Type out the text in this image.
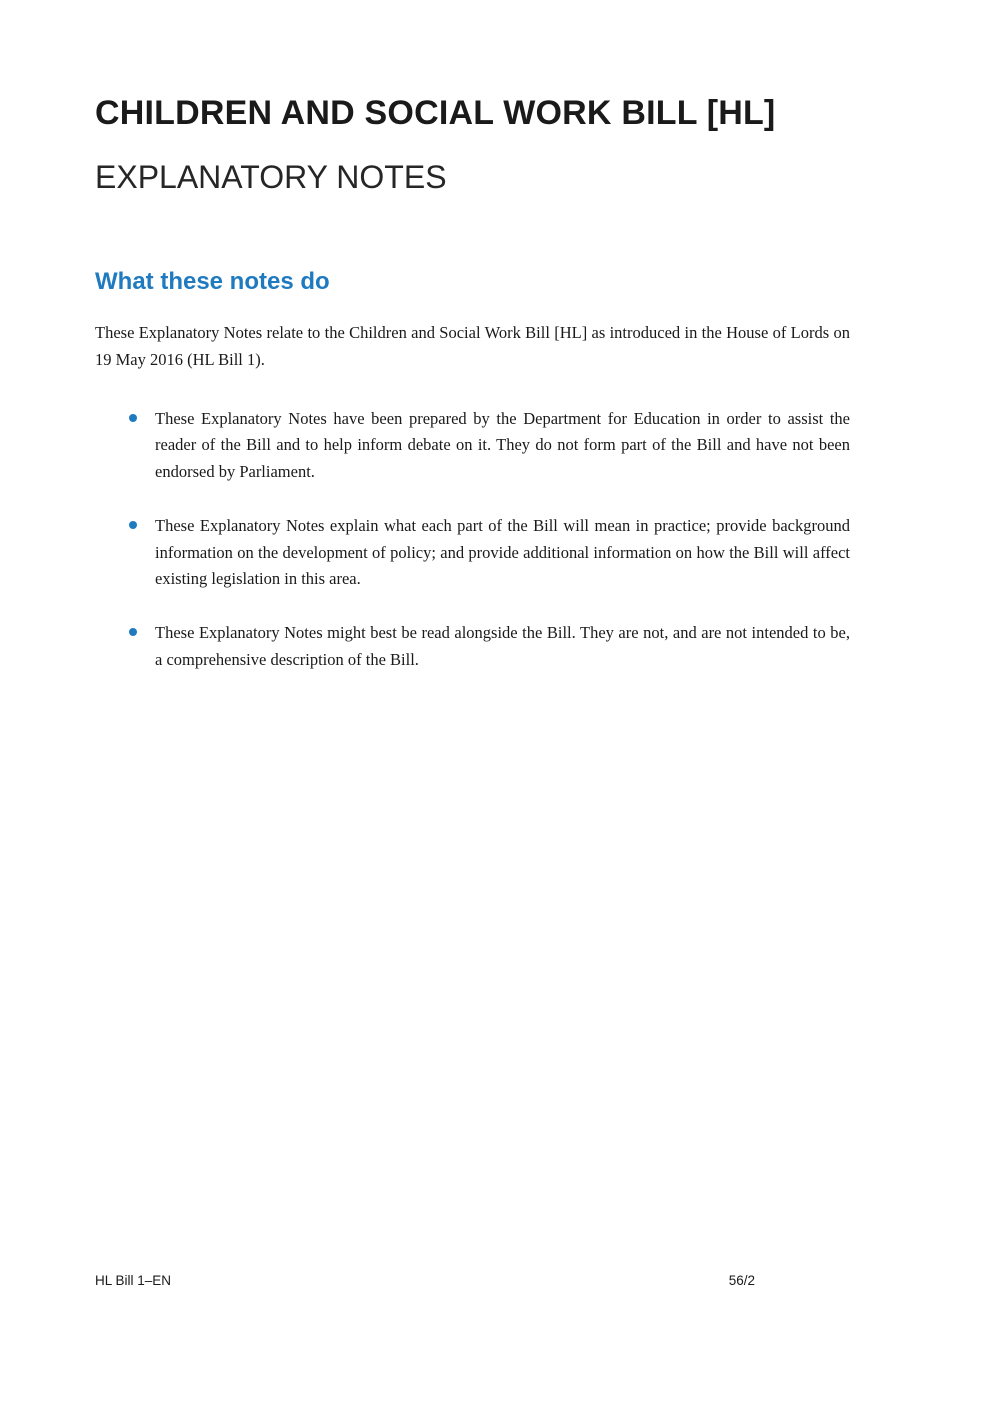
CHILDREN AND SOCIAL WORK BILL [HL]
EXPLANATORY NOTES
What these notes do

These Explanatory Notes relate to the Children and Social Work Bill [HL] as introduced in the House of Lords on 19 May 2016 (HL Bill 1).

These Explanatory Notes have been prepared by the Department for Education in order to assist the reader of the Bill and to help inform debate on it. They do not form part of the Bill and have not been endorsed by Parliament.
These Explanatory Notes explain what each part of the Bill will mean in practice; provide background information on the development of policy; and provide additional information on how the Bill will affect existing legislation in this area.
These Explanatory Notes might best be read alongside the Bill. They are not, and are not intended to be, a comprehensive description of the Bill.
HL Bill 1–EN	56/2
